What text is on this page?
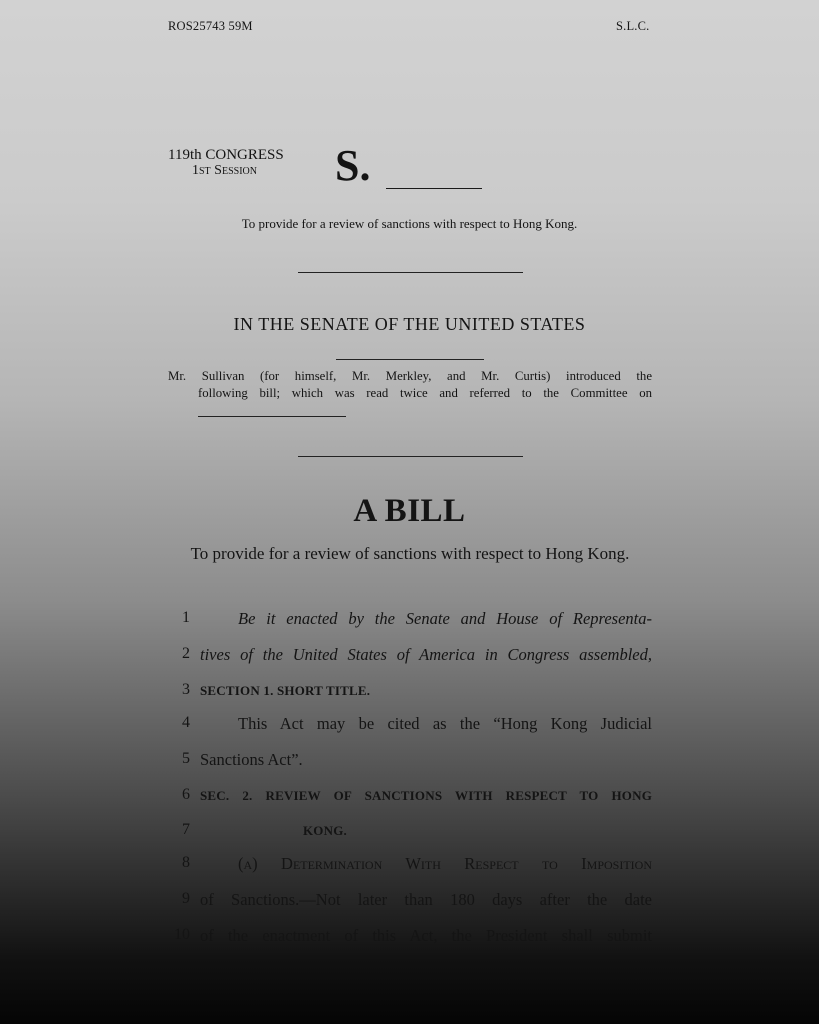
ROS25743 59M	S.L.C.
119th CONGRESS
1st Session S.
To provide for a review of sanctions with respect to Hong Kong.
IN THE SENATE OF THE UNITED STATES
Mr. Sullivan (for himself, Mr. Merkley, and Mr. Curtis) introduced the
following bill; which was read twice and referred to the Committee on
A BILL
To provide for a review of sanctions with respect to Hong Kong.
1	Be it enacted by the Senate and House of Representa-
2 tives of the United States of America in Congress assembled,
3 SECTION 1. SHORT TITLE.
4	This Act may be cited as the “Hong Kong Judicial
5 Sanctions Act”.
6 SEC. 2. REVIEW OF SANCTIONS WITH RESPECT TO HONG
7	KONG.
8	(a) Determination With Respect to Imposition
9 of Sanctions.—Not later than 180 days after the date
10 of the enactment of this Act, the President shall submit
